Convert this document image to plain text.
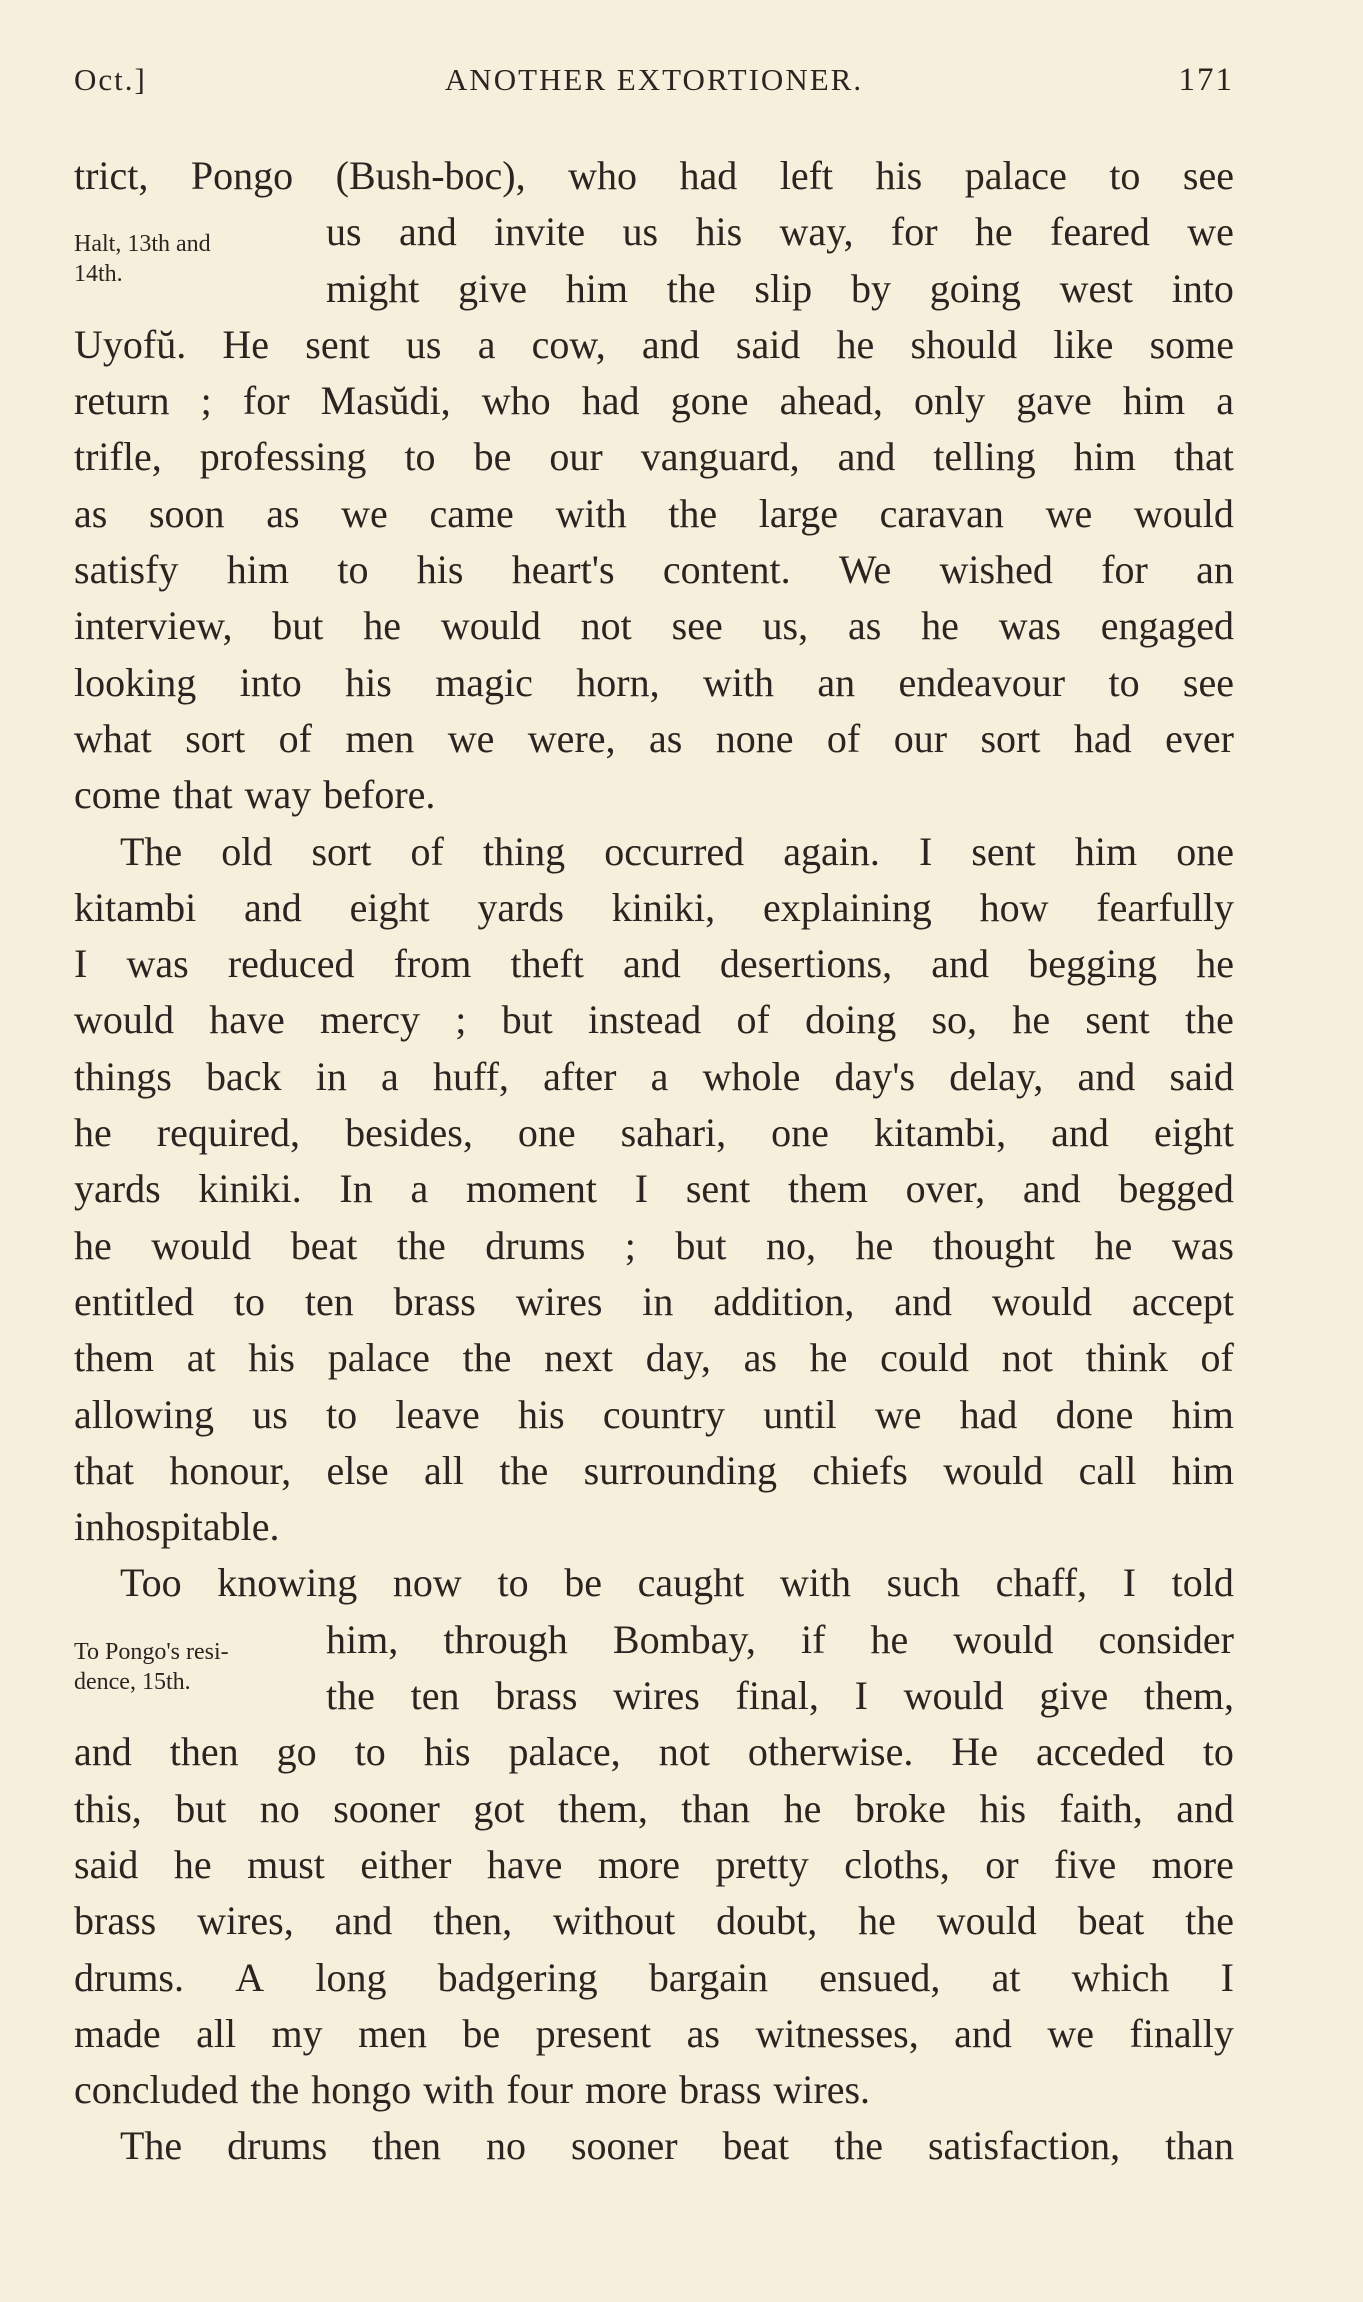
Oct.]	ANOTHER EXTORTIONER.	171
Halt, 13th and
14th.
To Pongo's resi-
dence, 15th.
trict, Pongo (Bush-boc), who had left his palace to see
us and invite us his way, for he feared we
might give him the slip by going west into
Uyofŭ. He sent us a cow, and said he should like some
return ; for Masŭdi, who had gone ahead, only gave him a
trifle, professing to be our vanguard, and telling him that
as soon as we came with the large caravan we would
satisfy him to his heart's content. We wished for an
interview, but he would not see us, as he was engaged
looking into his magic horn, with an endeavour to see
what sort of men we were, as none of our sort had ever
come that way before.
The old sort of thing occurred again. I sent him one
kitambi and eight yards kiniki, explaining how fearfully
I was reduced from theft and desertions, and begging he
would have mercy ; but instead of doing so, he sent the
things back in a huff, after a whole day's delay, and said
he required, besides, one sahari, one kitambi, and eight
yards kiniki. In a moment I sent them over, and begged
he would beat the drums ; but no, he thought he was
entitled to ten brass wires in addition, and would accept
them at his palace the next day, as he could not think of
allowing us to leave his country until we had done him
that honour, else all the surrounding chiefs would call him
inhospitable.
Too knowing now to be caught with such chaff, I told
him, through Bombay, if he would consider
the ten brass wires final, I would give them,
and then go to his palace, not otherwise. He acceded to
this, but no sooner got them, than he broke his faith, and
said he must either have more pretty cloths, or five more
brass wires, and then, without doubt, he would beat the
drums. A long badgering bargain ensued, at which I
made all my men be present as witnesses, and we finally
concluded the hongo with four more brass wires.
The drums then no sooner beat the satisfaction, than
